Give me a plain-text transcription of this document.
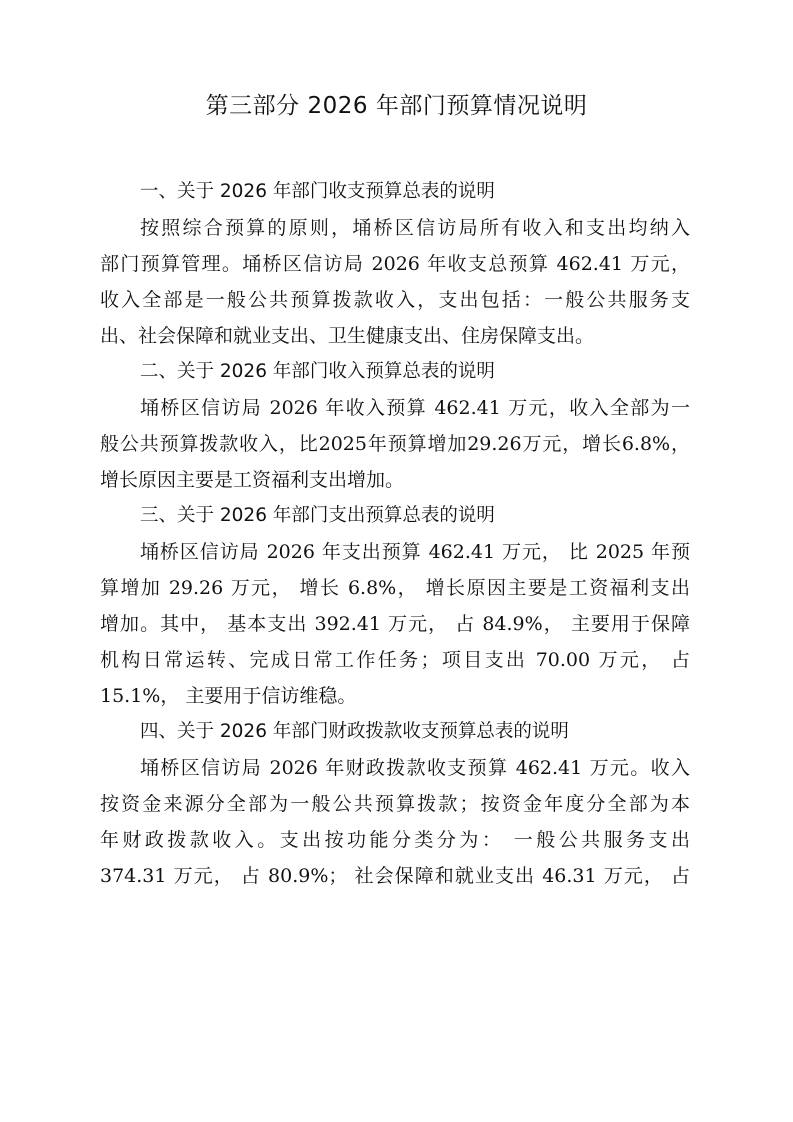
第三部分 2026 年部门预算情况说明
一、关于 2026 年部门收支预算总表的说明

按照综合预算的原则，埇桥区信访局所有收入和支出均纳入
部门预算管理。埇桥区信访局 2026 年收支总预算 462.41 万元，
收入全部是一般公共预算拨款收入，支出包括：一般公共服务支
出、社会保障和就业支出、卫生健康支出、住房保障支出。

二、关于 2026 年部门收入预算总表的说明

埇桥区信访局 2026 年收入预算 462.41 万元，收入全部为一
般公共预算拨款收入，比2025年预算增加29.26万元，增长6.8%，
增长原因主要是工资福利支出增加。

三、关于 2026 年部门支出预算总表的说明

埇桥区信访局 2026 年支出预算 462.41 万元， 比 2025 年预
算增加 29.26 万元， 增长 6.8%， 增长原因主要是工资福利支出
增加。其中， 基本支出 392.41 万元， 占 84.9%， 主要用于保障
机构日常运转、完成日常工作任务；项目支出 70.00 万元， 占
15.1%， 主要用于信访维稳。

四、关于 2026 年部门财政拨款收支预算总表的说明

埇桥区信访局 2026 年财政拨款收支预算 462.41 万元。收入
按资金来源分全部为一般公共预算拨款；按资金年度分全部为本
年财政拨款收入。支出按功能分类分为： 一般公共服务支出
374.31 万元， 占 80.9%； 社会保障和就业支出 46.31 万元， 占
